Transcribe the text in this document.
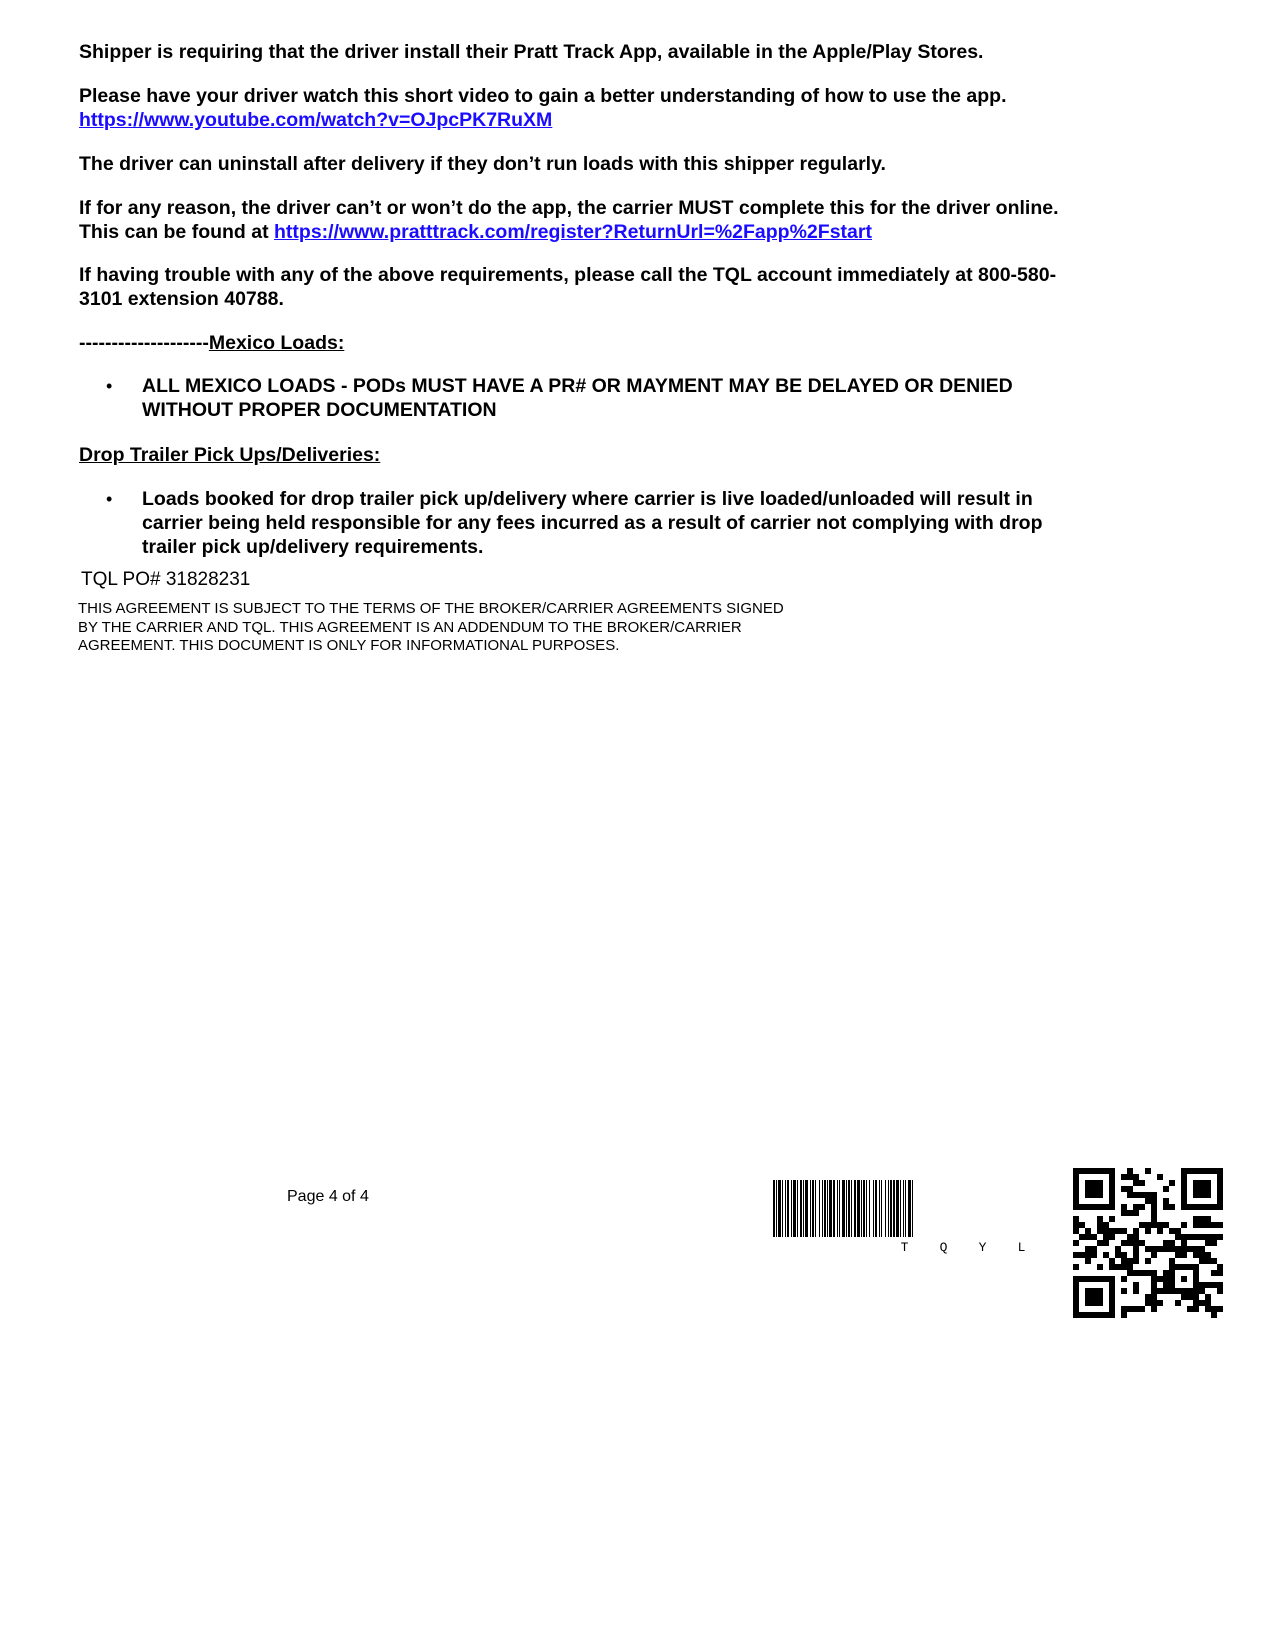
Shipper is requiring that the driver install their Pratt Track App, available in the Apple/Play Stores.

Please have your driver watch this short video to gain a better understanding of how to use the app. https://www.youtube.com/watch?v=OJpcPK7RuXM

The driver can uninstall after delivery if they don’t run loads with this shipper regularly.

If for any reason, the driver can’t or won’t do the app, the carrier MUST complete this for the driver online. This can be found at https://www.pratttrack.com/register?ReturnUrl=%2Fapp%2Fstart

If having trouble with any of the above requirements, please call the TQL account immediately at 800-580-3101 extension 40788.

--------------------Mexico Loads:

•	ALL MEXICO LOADS - PODs MUST HAVE A PR# OR MAYMENT MAY BE DELAYED OR DENIED WITHOUT PROPER DOCUMENTATION

Drop Trailer Pick Ups/Deliveries:

•	Loads booked for drop trailer pick up/delivery where carrier is live loaded/unloaded will result in carrier being held responsible for any fees incurred as a result of carrier not complying with drop trailer pick up/delivery requirements.
TQL PO# 31828231
THIS AGREEMENT IS SUBJECT TO THE TERMS OF THE BROKER/CARRIER AGREEMENTS SIGNED BY THE CARRIER AND TQL. THIS AGREEMENT IS AN ADDENDUM TO THE BROKER/CARRIER AGREEMENT. THIS DOCUMENT IS ONLY FOR INFORMATIONAL PURPOSES.
Page 4 of 4
T Q Y L
